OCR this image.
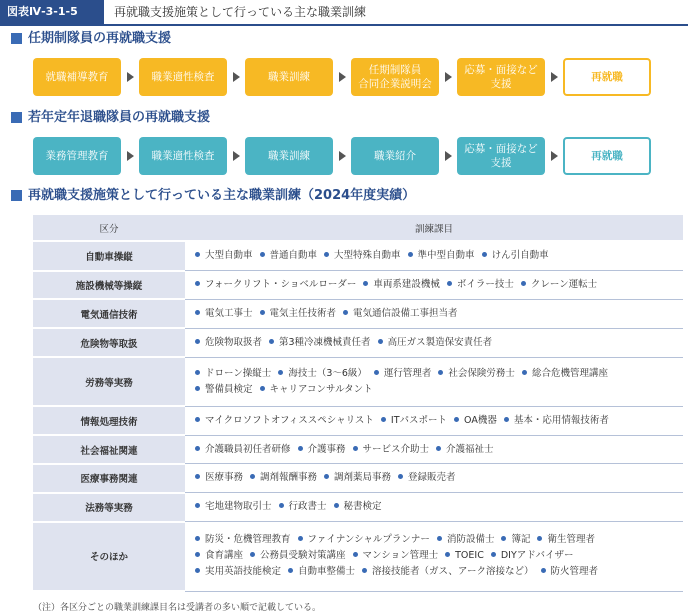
図表Ⅳ-3-1-5	再就職支援施策として行っている主な職業訓練
任期制隊員の再就職支援
就職補導教育	職業適性検査	職業訓練
任期制隊員
合同企業説明会
応募・面接など
支援
再就職
若年定年退職隊員の再就職支援
業務管理教育	職業適性検査	職業訓練	職業紹介
応募・面接など
支援
再就職
再就職支援施策として行っている主な職業訓練（2024年度実績）
区分	訓練課目
自動車操縦	大型自動車 普通自動車 大型特殊自動車 準中型自動車 けん引自動車

施設機械等操縦	フォークリフト・ショベルローダー 車両系建設機械 ボイラー技士 クレーン運転士

電気通信技術	電気工事士 電気主任技術者 電気通信設備工事担当者

危険物等取扱	危険物取扱者 第3種冷凍機械責任者 高圧ガス製造保安責任者

労務等実務	ドローン操縦士 海技士（3～6級） 運行管理者 社会保険労務士 総合危機管理講座
警備員検定 キャリアコンサルタント

情報処理技術	マイクロソフトオフィススペシャリスト ITパスポート OA機器 基本・応用情報技術者

社会福祉関連	介護職員初任者研修 介護事務 サービス介助士 介護福祉士

医療事務関連	医療事務 調剤報酬事務 調剤薬局事務 登録販売者

法務等実務	宅地建物取引士 行政書士 秘書検定

そのほか	防災・危機管理教育 ファイナンシャルプランナー 消防設備士 簿記 衛生管理者
食育講座 公務員受験対策講座 マンション管理士 TOEIC DIYアドバイザー
実用英語技能検定 自動車整備士 溶接技能者（ガス、アーク溶接など） 防火管理者
（注）各区分ごとの職業訓練課目名は受講者の多い順で記載している。
